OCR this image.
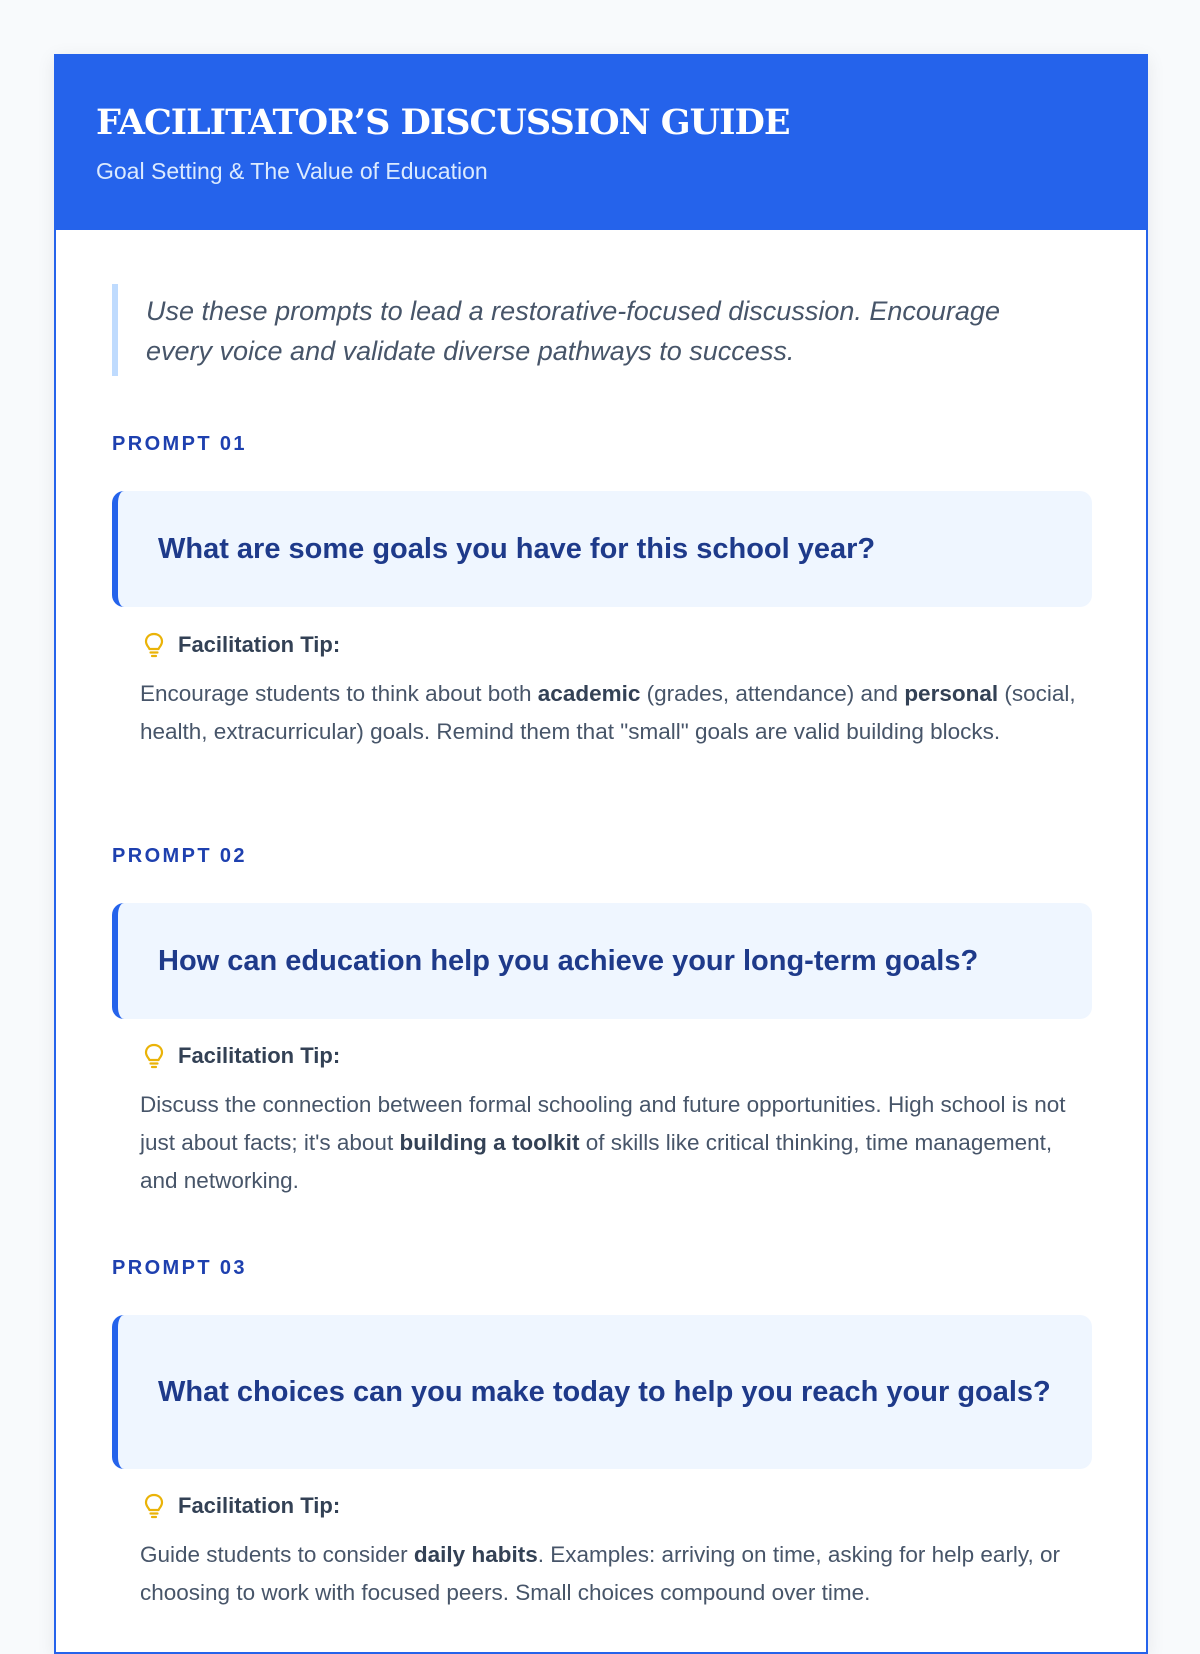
FACILITATOR’S DISCUSSION GUIDE
Goal Setting & The Value of Education
Use these prompts to lead a restorative-focused discussion. Encourage every voice and validate diverse pathways to success.
PROMPT 01
What are some goals you have for this school year?
Facilitation Tip:
Encourage students to think about both academic (grades, attendance) and personal (social, health, extracurricular) goals. Remind them that "small" goals are valid building blocks.
PROMPT 02
How can education help you achieve your long-term goals?
Facilitation Tip:
Discuss the connection between formal schooling and future opportunities. High school is not just about facts; it's about building a toolkit of skills like critical thinking, time management, and networking.
PROMPT 03
What choices can you make today to help you reach your goals?
Facilitation Tip:
Guide students to consider daily habits. Examples: arriving on time, asking for help early, or choosing to work with focused peers. Small choices compound over time.
